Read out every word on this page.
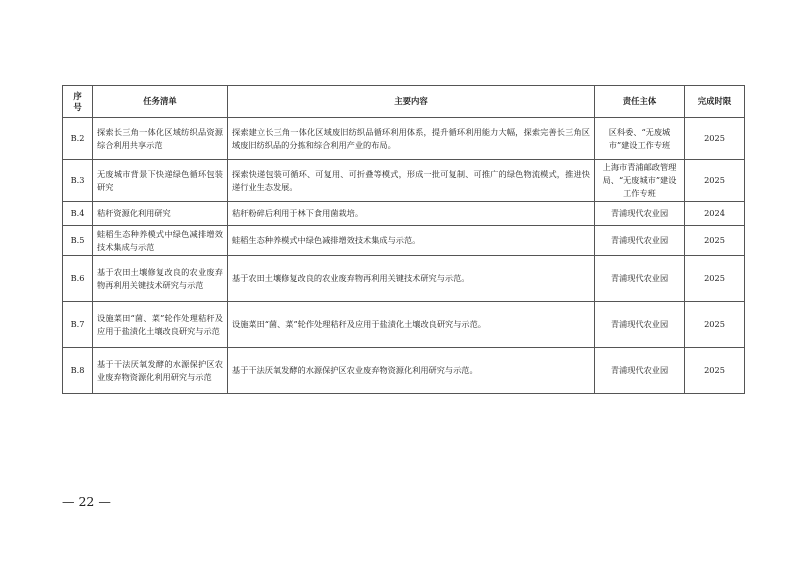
序号	任务清单	主要内容	责任主体	完成时限
B.2	探索长三角一体化区域纺织品资源综合利用共享示范	探索建立长三角一体化区域废旧纺织品循环利用体系，提升循环利用能力大幅，探索完善长三角区域废旧纺织品的分拣和综合利用产业的布局。	区科委、“无废城市”建设工作专班	2025
B.3	无废城市背景下快递绿色循环包装研究	探索快递包装可循环、可复用、可折叠等模式，形成一批可复制、可推广的绿色物流模式，推进快递行业生态发展。	上海市青浦邮政管理局、“无废城市”建设工作专班	2025
B.4	秸秆资源化利用研究	秸秆粉碎后利用于林下食用菌栽培。	青浦现代农业园	2024
B.5	蛙稻生态种养模式中绿色减排增效技术集成与示范	蛙稻生态种养模式中绿色减排增效技术集成与示范。	青浦现代农业园	2025
B.6	基于农田土壤修复改良的农业废弃物再利用关键技术研究与示范	基于农田土壤修复改良的农业废弃物再利用关键技术研究与示范。	青浦现代农业园	2025
B.7	设施菜田“菌、菜”轮作处理秸秆及应用于盐渍化土壤改良研究与示范	设施菜田“菌、菜”轮作处理秸秆及应用于盐渍化土壤改良研究与示范。	青浦现代农业园	2025
B.8	基于干法厌氧发酵的水源保护区农业废弃物资源化利用研究与示范	基于干法厌氧发酵的水源保护区农业废弃物资源化利用研究与示范。	青浦现代农业园	2025
— 22 —
